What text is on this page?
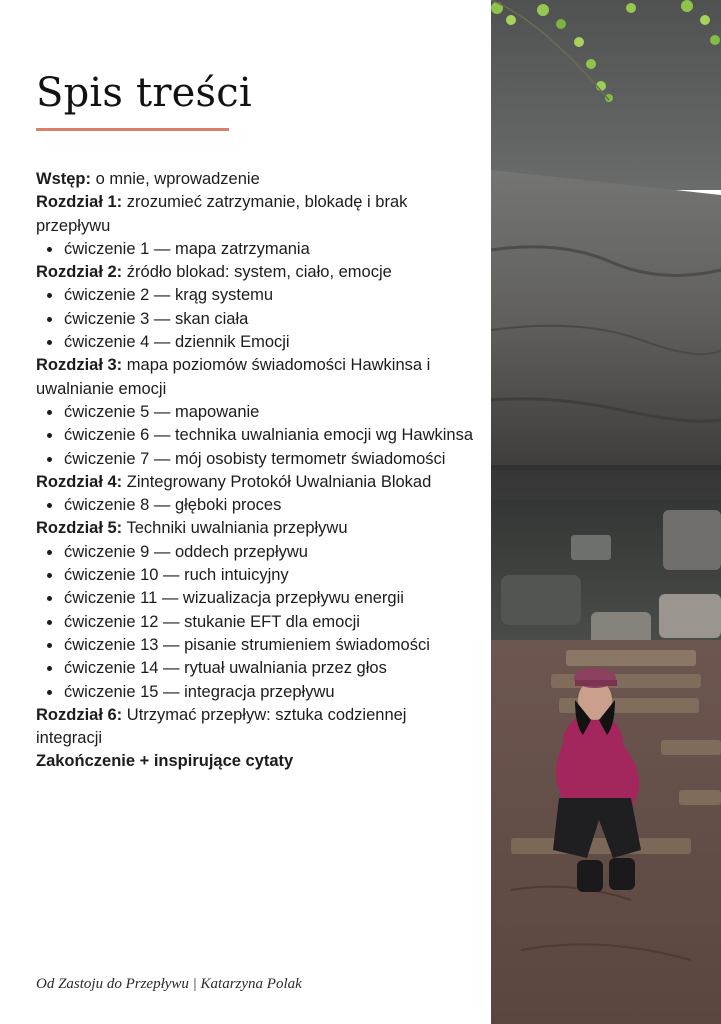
Spis treści

Wstęp: o mnie, wprowadzenie

Rozdział 1: zrozumieć zatrzymanie, blokadę i brak przepływu

ćwiczenie 1 — mapa zatrzymania

Rozdział 2: źródło blokad: system, ciało, emocje

ćwiczenie 2 — krąg systemu
ćwiczenie 3 — skan ciała
ćwiczenie 4 — dziennik Emocji

Rozdział 3: mapa poziomów świadomości Hawkinsa i uwalnianie emocji

ćwiczenie 5 — mapowanie
ćwiczenie 6 — technika uwalniania emocji wg Hawkinsa
ćwiczenie 7 — mój osobisty termometr świadomości

Rozdział 4: Zintegrowany Protokół Uwalniania Blokad

ćwiczenie 8 — głęboki proces

Rozdział 5: Techniki uwalniania przepływu

ćwiczenie 9 — oddech przepływu
ćwiczenie 10 — ruch intuicyjny
ćwiczenie 11 — wizualizacja przepływu energii
ćwiczenie 12 — stukanie EFT dla emocji
ćwiczenie 13 — pisanie strumieniem świadomości
ćwiczenie 14 — rytuał uwalniania przez głos
ćwiczenie 15 — integracja przepływu

Rozdział 6: Utrzymać przepływ: sztuka codziennej integracji

Zakończenie + inspirujące cytaty

Od Zastoju do Przepływu | Katarzyna Polak
